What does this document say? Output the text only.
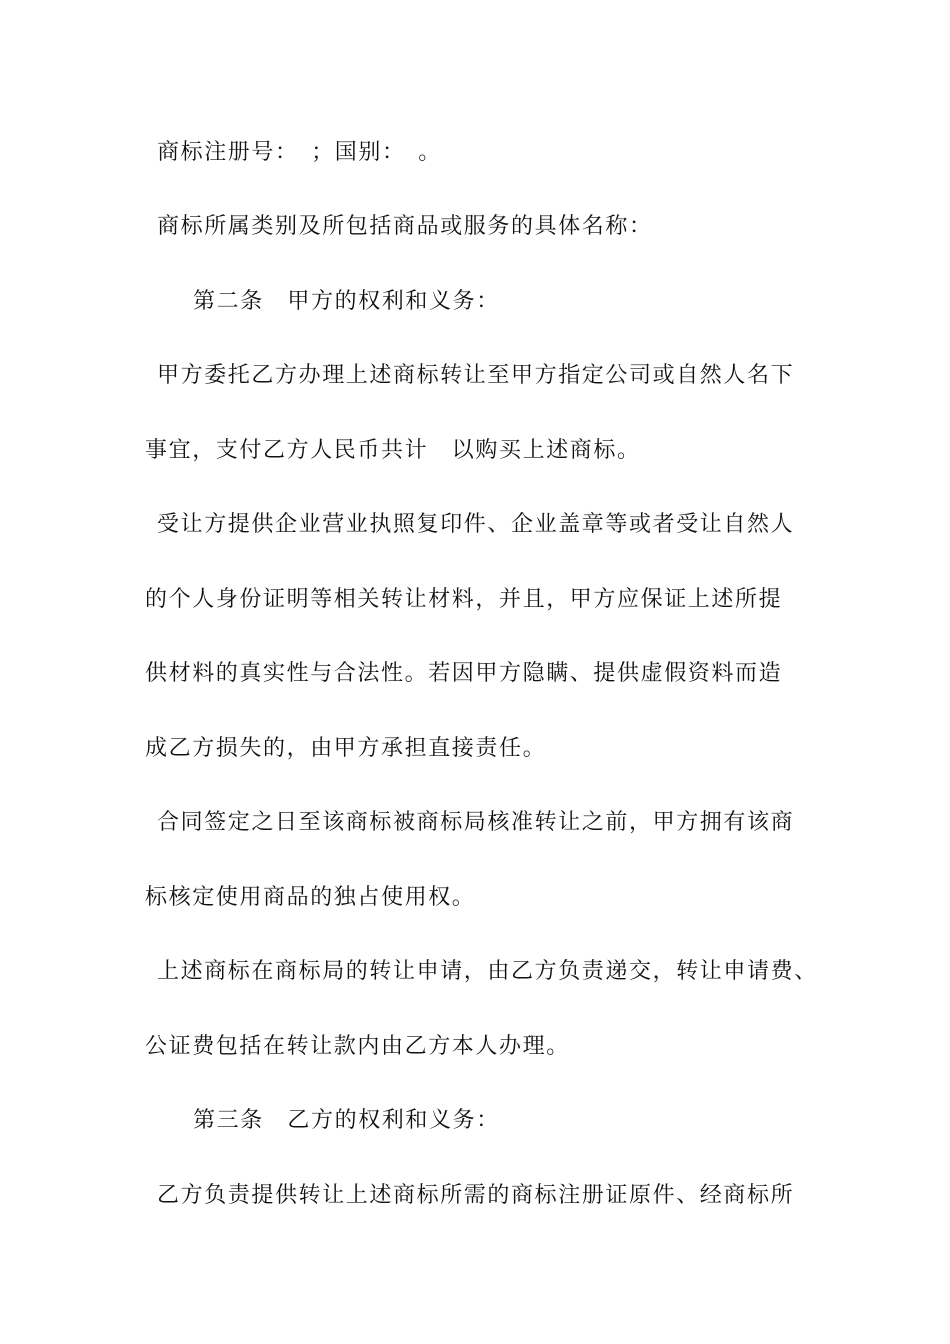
商标注册号：　；国别：　。
商标所属类别及所包括商品或服务的具体名称：
第二条　甲方的权利和义务：
甲方委托乙方办理上述商标转让至甲方指定公司或自然人名下
事宜，支付乙方人民币共计　以购买上述商标。
受让方提供企业营业执照复印件、企业盖章等或者受让自然人
的个人身份证明等相关转让材料，并且，甲方应保证上述所提
供材料的真实性与合法性。若因甲方隐瞒、提供虚假资料而造
成乙方损失的，由甲方承担直接责任。
合同签定之日至该商标被商标局核准转让之前，甲方拥有该商
标核定使用商品的独占使用权。
上述商标在商标局的转让申请，由乙方负责递交，转让申请费、
公证费包括在转让款内由乙方本人办理。
第三条　乙方的权利和义务：
乙方负责提供转让上述商标所需的商标注册证原件、经商标所
